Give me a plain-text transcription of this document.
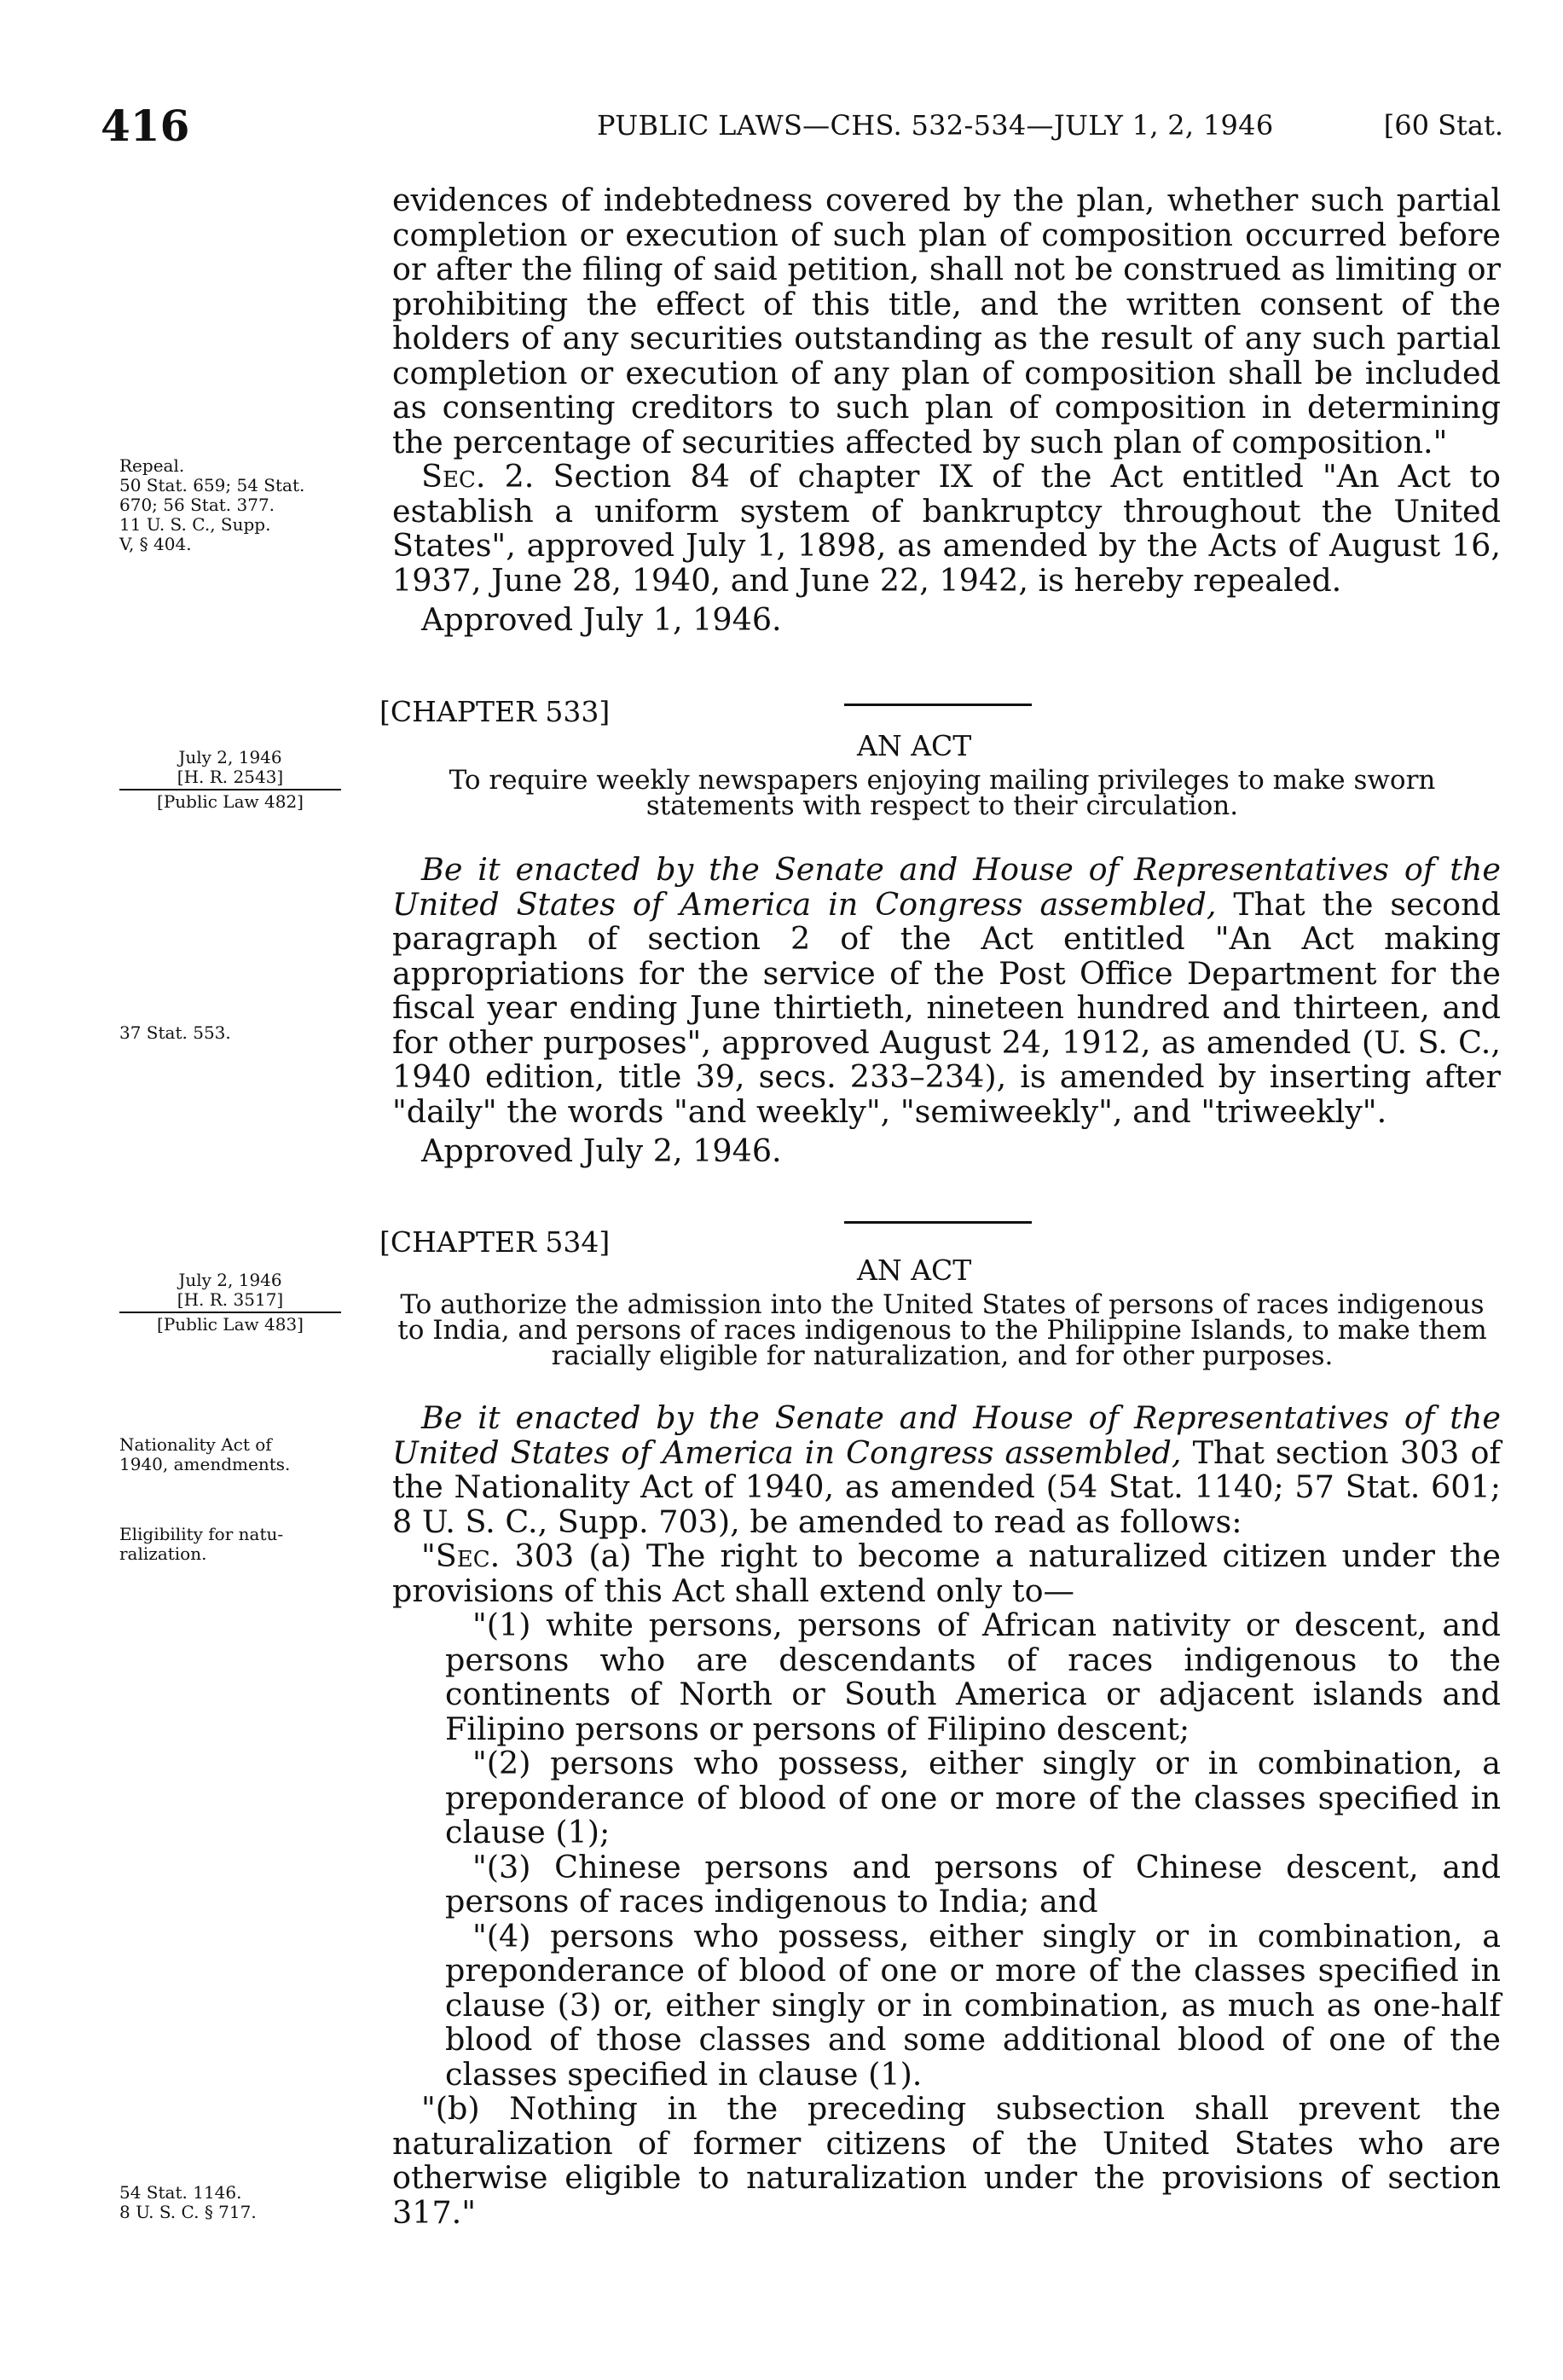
416	PUBLIC LAWS—CHS. 532-534—JULY 1, 2, 1946	[60 Stat.

evidences of indebtedness covered by the plan, whether such partial completion or execution of such plan of composition occurred before or after the filing of said petition, shall not be construed as limiting or prohibiting the effect of this title, and the written consent of the holders of any securities outstanding as the result of any such partial completion or execution of any plan of composition shall be included as consenting creditors to such plan of composition in determining the percentage of securities affected by such plan of composition."

Sec. 2. Section 84 of chapter IX of the Act entitled "An Act to establish a uniform system of bankruptcy throughout the United States", approved July 1, 1898, as amended by the Acts of August 16, 1937, June 28, 1940, and June 22, 1942, is hereby repealed.

Approved July 1, 1946.

Repeal.
50 Stat. 659; 54 Stat.
670; 56 Stat. 377.
11 U. S. C., Supp.
V, § 404.
[CHAPTER 533]
AN ACT
To require weekly newspapers enjoying mailing privileges to make sworn statements with respect to their circulation.
July 2, 1946
[H. R. 2543]
[Public Law 482]

Be it enacted by the Senate and House of Representatives of the United States of America in Congress assembled, That the second paragraph of section 2 of the Act entitled "An Act making appropriations for the service of the Post Office Department for the fiscal year ending June thirtieth, nineteen hundred and thirteen, and for other purposes", approved August 24, 1912, as amended (U. S. C., 1940 edition, title 39, secs. 233–234), is amended by inserting after "daily" the words "and weekly", "semiweekly", and "triweekly".

Approved July 2, 1946.

37 Stat. 553.
[CHAPTER 534]
AN ACT
To authorize the admission into the United States of persons of races indigenous to India, and persons of races indigenous to the Philippine Islands, to make them racially eligible for naturalization, and for other purposes.
July 2, 1946
[H. R. 3517]
[Public Law 483]
Nationality Act of
1940, amendments.
Eligibility for natu-
ralization.

Be it enacted by the Senate and House of Representatives of the United States of America in Congress assembled, That section 303 of the Nationality Act of 1940, as amended (54 Stat. 1140; 57 Stat. 601; 8 U. S. C., Supp. 703), be amended to read as follows:

"Sec. 303 (a) The right to become a naturalized citizen under the provisions of this Act shall extend only to—

"(1) white persons, persons of African nativity or descent, and persons who are descendants of races indigenous to the continents of North or South America or adjacent islands and Filipino persons or persons of Filipino descent;

"(2) persons who possess, either singly or in combination, a preponderance of blood of one or more of the classes specified in clause (1);

"(3) Chinese persons and persons of Chinese descent, and persons of races indigenous to India; and

"(4) persons who possess, either singly or in combination, a preponderance of blood of one or more of the classes specified in clause (3) or, either singly or in combination, as much as one-half blood of those classes and some additional blood of one of the classes specified in clause (1).

"(b) Nothing in the preceding subsection shall prevent the naturalization of former citizens of the United States who are otherwise eligible to naturalization under the provisions of section 317."

54 Stat. 1146.
8 U. S. C. § 717.
